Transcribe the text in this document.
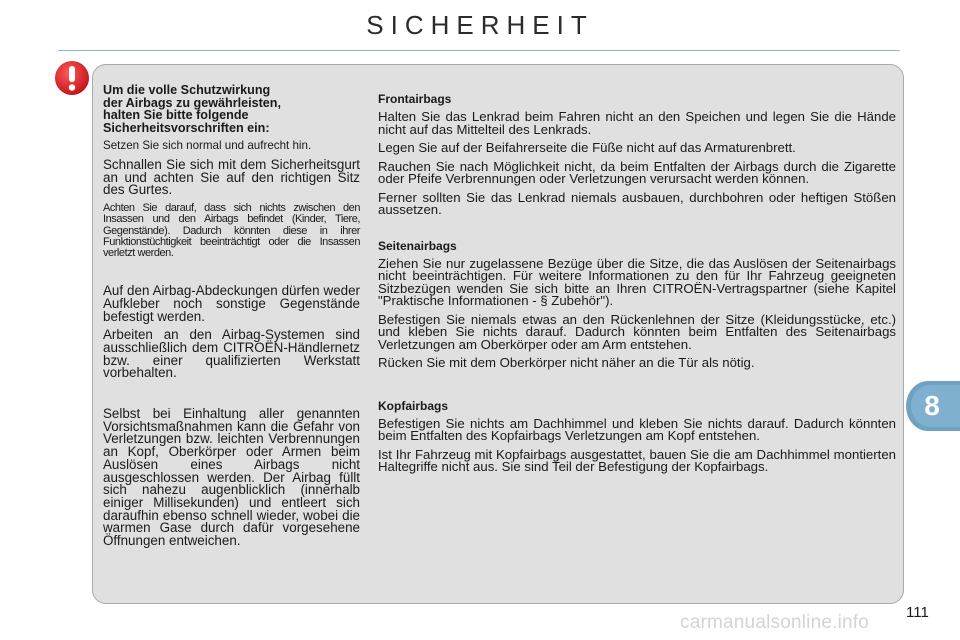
SICHERHEIT
Um die volle Schutzwirkung
der Airbags zu gewährleisten,
halten Sie bitte folgende
Sicherheitsvorschriften ein:

Setzen Sie sich normal und aufrecht hin.

Schnallen Sie sich mit dem Sicherheitsgurt an und achten Sie auf den richtigen Sitz des Gurtes.

Achten Sie darauf, dass sich nichts zwischen den Insassen und den Airbags befindet (Kinder, Tiere, Gegenstände). Dadurch könnten diese in ihrer Funktionstüchtigkeit beeinträchtigt oder die Insassen verletzt werden.

Auf den Airbag-Abdeckungen dürfen weder Aufkleber noch sonstige Gegenstände befestigt werden.

Arbeiten an den Airbag-Systemen sind ausschließlich dem CITROËN-Händlernetz bzw. einer qualifizierten Werkstatt vorbehalten.

Selbst bei Einhaltung aller genannten Vorsichtsmaßnahmen kann die Gefahr von Verletzungen bzw. leichten Verbrennungen an Kopf, Oberkörper oder Armen beim Auslösen eines Airbags nicht ausgeschlossen werden. Der Airbag füllt sich nahezu augenblicklich (innerhalb einiger Millisekunden) und entleert sich daraufhin ebenso schnell wieder, wobei die warmen Gase durch dafür vorgesehene Öffnungen entweichen.

Frontairbags

Halten Sie das Lenkrad beim Fahren nicht an den Speichen und legen Sie die Hände nicht auf das Mittelteil des Lenkrads.

Legen Sie auf der Beifahrerseite die Füße nicht auf das Armaturenbrett.

Rauchen Sie nach Möglichkeit nicht, da beim Entfalten der Airbags durch die Zigarette oder Pfeife Verbrennungen oder Verletzungen verursacht werden können.

Ferner sollten Sie das Lenkrad niemals ausbauen, durchbohren oder heftigen Stößen aussetzen.

Seitenairbags

Ziehen Sie nur zugelassene Bezüge über die Sitze, die das Auslösen der Seitenairbags nicht beeinträchtigen. Für weitere Informationen zu den für Ihr Fahrzeug geeigneten Sitzbezügen wenden Sie sich bitte an Ihren CITROËN-Vertragspartner (siehe Kapitel "Praktische Informationen - § Zubehör").

Befestigen Sie niemals etwas an den Rückenlehnen der Sitze (Kleidungsstücke, etc.) und kleben Sie nichts darauf. Dadurch könnten beim Entfalten des Seitenairbags Verletzungen am Oberkörper oder am Arm entstehen.

Rücken Sie mit dem Oberkörper nicht näher an die Tür als nötig.

Kopfairbags

Befestigen Sie nichts am Dachhimmel und kleben Sie nichts darauf. Dadurch könnten beim Entfalten des Kopfairbags Verletzungen am Kopf entstehen.

Ist Ihr Fahrzeug mit Kopfairbags ausgestattet, bauen Sie die am Dachhimmel montierten Haltegriffe nicht aus. Sie sind Teil der Befestigung der Kopfairbags.

8
111
carmanualsonline.info
